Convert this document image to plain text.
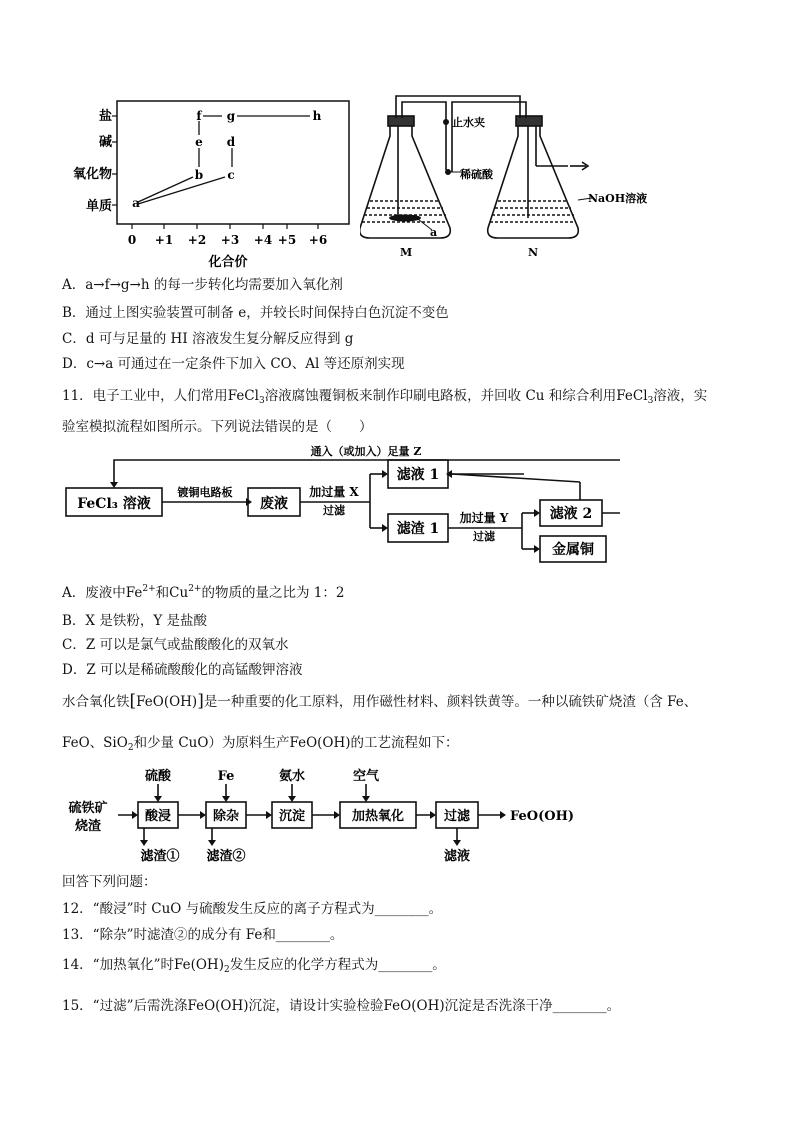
盐
碱
氧化物
单质
0 +1 +2 +3 +4 +5 +6
化合价
a
b c
d
e
f g	h	止水夹
稀硫酸
a
NaOH溶液
M	N
A．a→f→g→h 的每一步转化均需要加入氧化剂
B．通过上图实验装置可制备 e，并较长时间保持白色沉淀不变色
C．d 可与足量的 HI 溶液发生复分解反应得到 g
D．c→a 可通过在一定条件下加入 CO、Al 等还原剂实现
11．电子工业中，人们常用FeCl$_3$溶液腐蚀覆铜板来制作印刷电路板，并回收 Cu 和综合利用FeCl$_3$溶液，实
验室模拟流程如图所示。下列说法错误的是（　　）
FeCl₃ 溶液
镀铜电路板
废液
加过量 X
过滤
滤液 1
滤渣 1
加过量 Y
过滤
滤液 2
金属铜
通入（或加入）足量 Z
A．废液中$Fe^{2+}$和$Cu^{2+}$的物质的量之比为 1：2
B．X 是铁粉，Y 是盐酸
C．Z 可以是氯气或盐酸酸化的双氧水
D．Z 可以是稀硫酸酸化的高锰酸钾溶液
水合氧化铁[FeO(OH)]是一种重要的化工原料，用作磁性材料、颜料铁黄等。一种以硫铁矿烧渣（含 Fe、
FeO、SiO$_2$和少量 CuO）为原料生产FeO(OH)的工艺流程如下：
硫铁矿
烧渣
酸浸	除杂	沉淀	加热氧化	过滤
硫酸	Fe	氨水	空气
滤渣① 滤渣②	滤液
FeO(OH)
回答下列问题：
12．“酸浸”时 CuO 与硫酸发生反应的离子方程式为________。
13．“除杂”时滤渣②的成分有 Fe和________。
14．“加热氧化”时$Fe(OH)_2$发生反应的化学方程式为________。
15．“过滤”后需洗涤FeO(OH)沉淀，请设计实验检验FeO(OH)沉淀是否洗涤干净________。
